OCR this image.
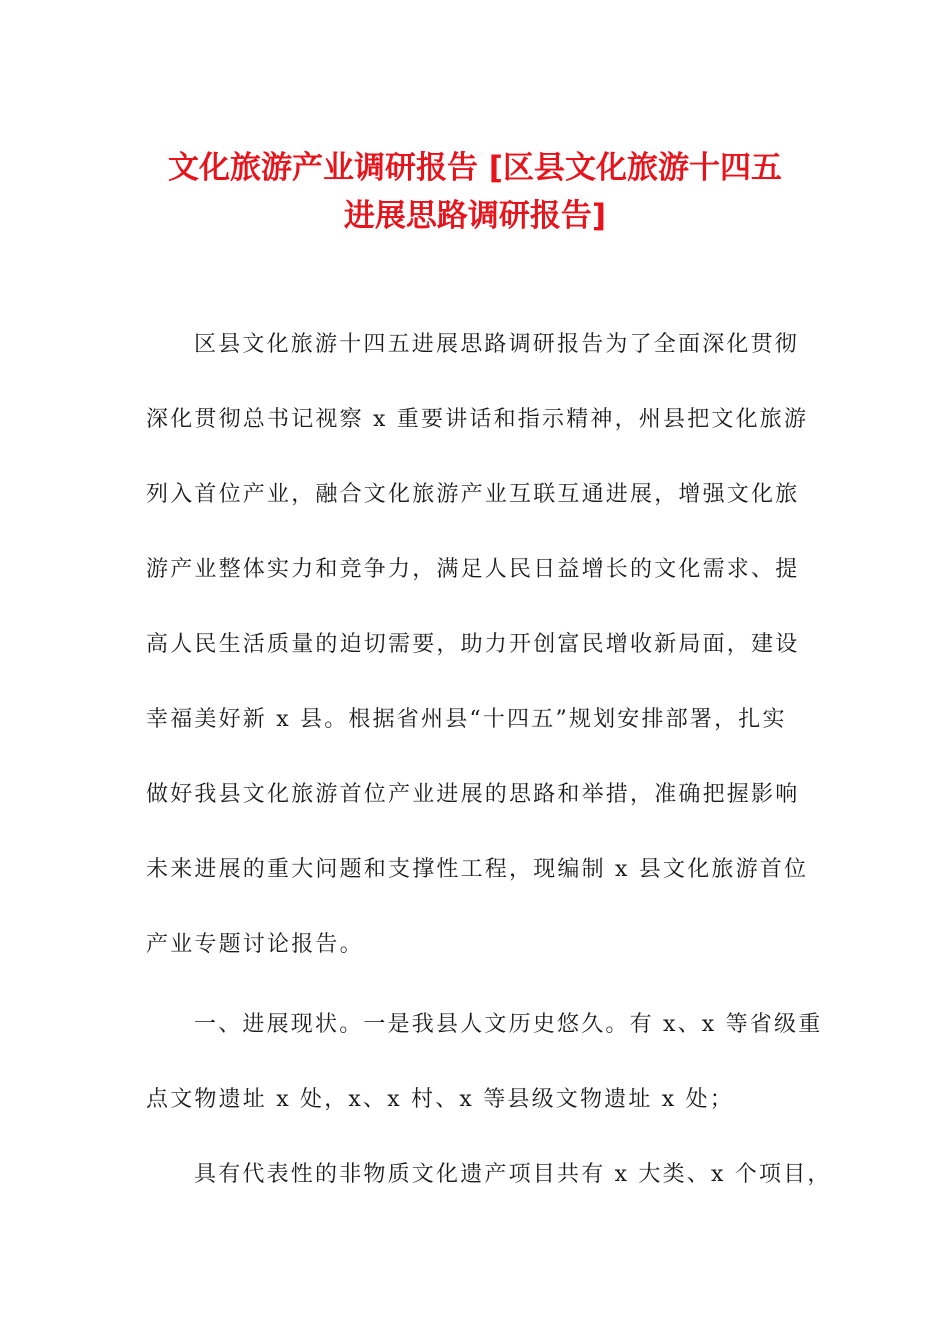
文化旅游产业调研报告 [区县文化旅游十四五
进展思路调研报告]
区县文化旅游十四五进展思路调研报告为了全面深化贯彻
深化贯彻总书记视察 x 重要讲话和指示精神，州县把文化旅游
列入首位产业，融合文化旅游产业互联互通进展，增强文化旅
游产业整体实力和竞争力，满足人民日益增长的文化需求、提
高人民生活质量的迫切需要，助力开创富民增收新局面，建设
幸福美好新 x 县。根据省州县“十四五”规划安排部署，扎实
做好我县文化旅游首位产业进展的思路和举措，准确把握影响
未来进展的重大问题和支撑性工程，现编制 x 县文化旅游首位
产业专题讨论报告。
一、进展现状。一是我县人文历史悠久。有 x、x 等省级重
点文物遗址 x 处，x、x 村、x 等县级文物遗址 x 处；
具有代表性的非物质文化遗产项目共有 x 大类、x 个项目，
